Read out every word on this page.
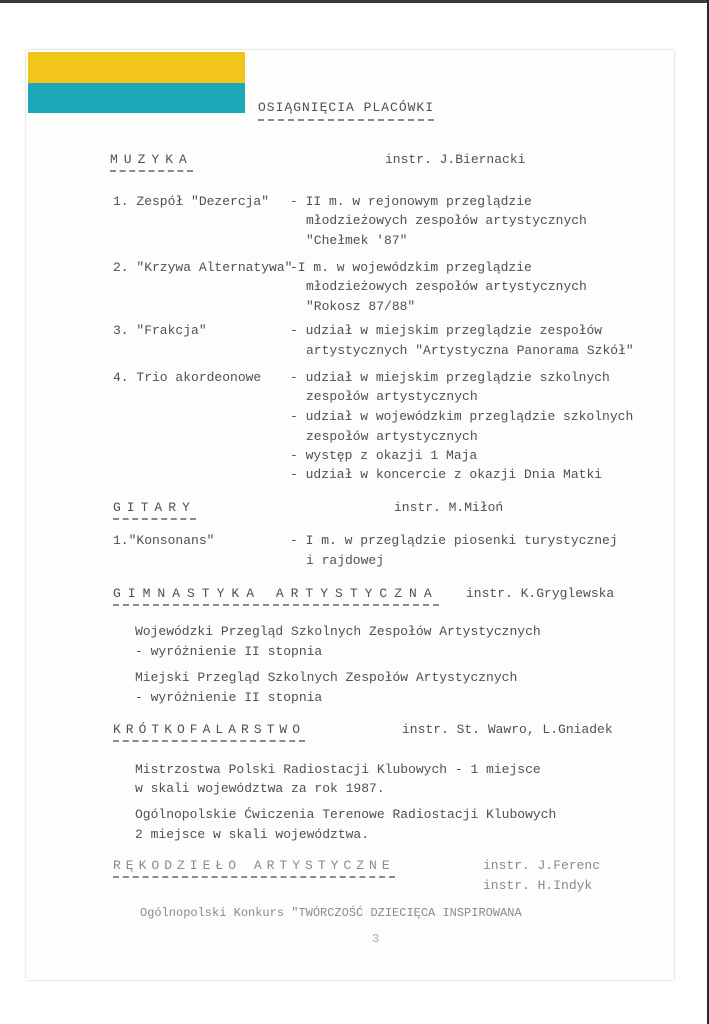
OSIĄGNIĘCIA PLACÓWKI
MUZYKA	instr. J.Biernacki
1. Zespół "Dezercja" - II m. w rejonowym przeglądzie
młodzieżowych zespołów artystycznych
"Chełmek '87"
2. "Krzywa Alternatywa"
-I m. w wojewódzkim przeglądzie
młodzieżowych zespołów artystycznych
"Rokosz 87/88"
3. "Frakcja"	- udział w miejskim przeglądzie zespołów
artystycznych "Artystyczna Panorama Szkół"
4. Trio akordeonowe - udział w miejskim przeglądzie szkolnych
zespołów artystycznych
- udział w wojewódzkim przeglądzie szkolnych
zespołów artystycznych
- występ z okazji 1 Maja
- udział w koncercie z okazji Dnia Matki
GITARY	instr. M.Miłoń
1."Konsonans"	- I m. w przeglądzie piosenki turystycznej
i rajdowej
GIMNASTYKA ARTYSTYCZNA instr. K.Gryglewska
Wojewódzki Przegląd Szkolnych Zespołów Artystycznych
- wyróżnienie II stopnia
Miejski Przegląd Szkolnych Zespołów Artystycznych
- wyróżnienie II stopnia
KRÓTKOFALARSTWO	instr. St. Wawro, L.Gniadek
Mistrzostwa Polski Radiostacji Klubowych - 1 miejsce
w skali województwa za rok 1987.
Ogólnopolskie Ćwiczenia Terenowe Radiostacji Klubowych
2 miejsce w skali województwa.
RĘKODZIEŁO ARTYSTYCZNE	instr. J.Ferenc
instr. H.Indyk
Ogólnopolski Konkurs "TWÓRCZOŚĆ DZIECIĘCA INSPIROWANA
3
